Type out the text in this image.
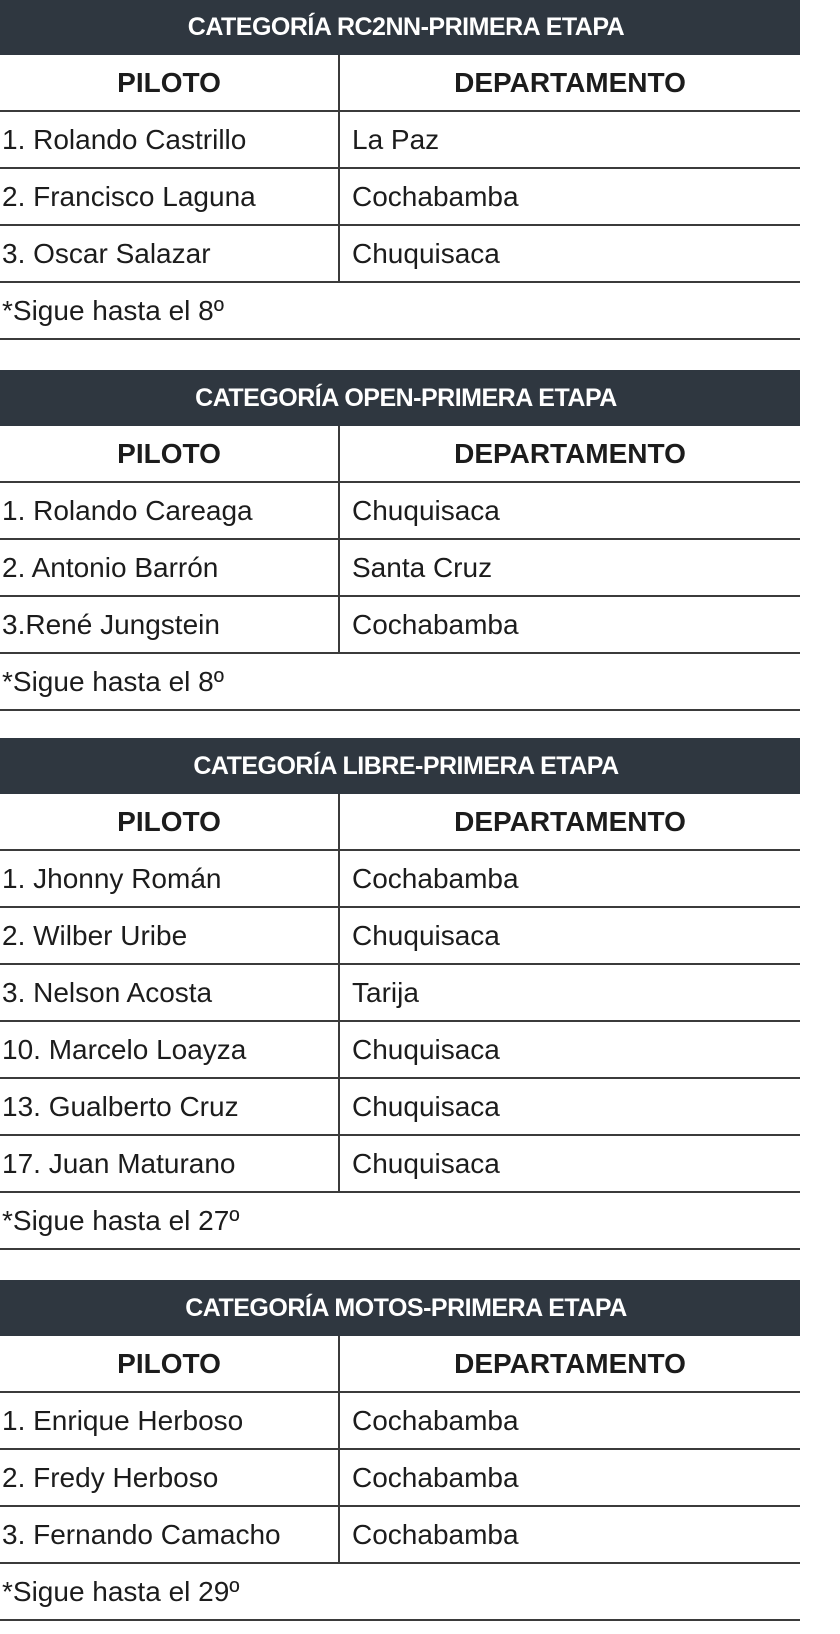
CATEGORÍA RC2NN-PRIMERA ETAPA
PILOTO	DEPARTAMENTO
1. Rolando Castrillo	La Paz
2. Francisco Laguna	Cochabamba
3. Oscar Salazar	Chuquisaca
*Sigue hasta el 8º
CATEGORÍA OPEN-PRIMERA ETAPA
PILOTO	DEPARTAMENTO
1. Rolando Careaga	Chuquisaca
2. Antonio Barrón	Santa Cruz
3.René Jungstein	Cochabamba
*Sigue hasta el 8º
CATEGORÍA LIBRE-PRIMERA ETAPA
PILOTO	DEPARTAMENTO
1. Jhonny Román	Cochabamba
2. Wilber Uribe	Chuquisaca
3. Nelson Acosta	Tarija
10. Marcelo Loayza	Chuquisaca
13. Gualberto Cruz	Chuquisaca
17. Juan Maturano	Chuquisaca
*Sigue hasta el 27º
CATEGORÍA MOTOS-PRIMERA ETAPA
PILOTO	DEPARTAMENTO
1. Enrique Herboso	Cochabamba
2. Fredy Herboso	Cochabamba
3. Fernando Camacho	Cochabamba
*Sigue hasta el 29º
